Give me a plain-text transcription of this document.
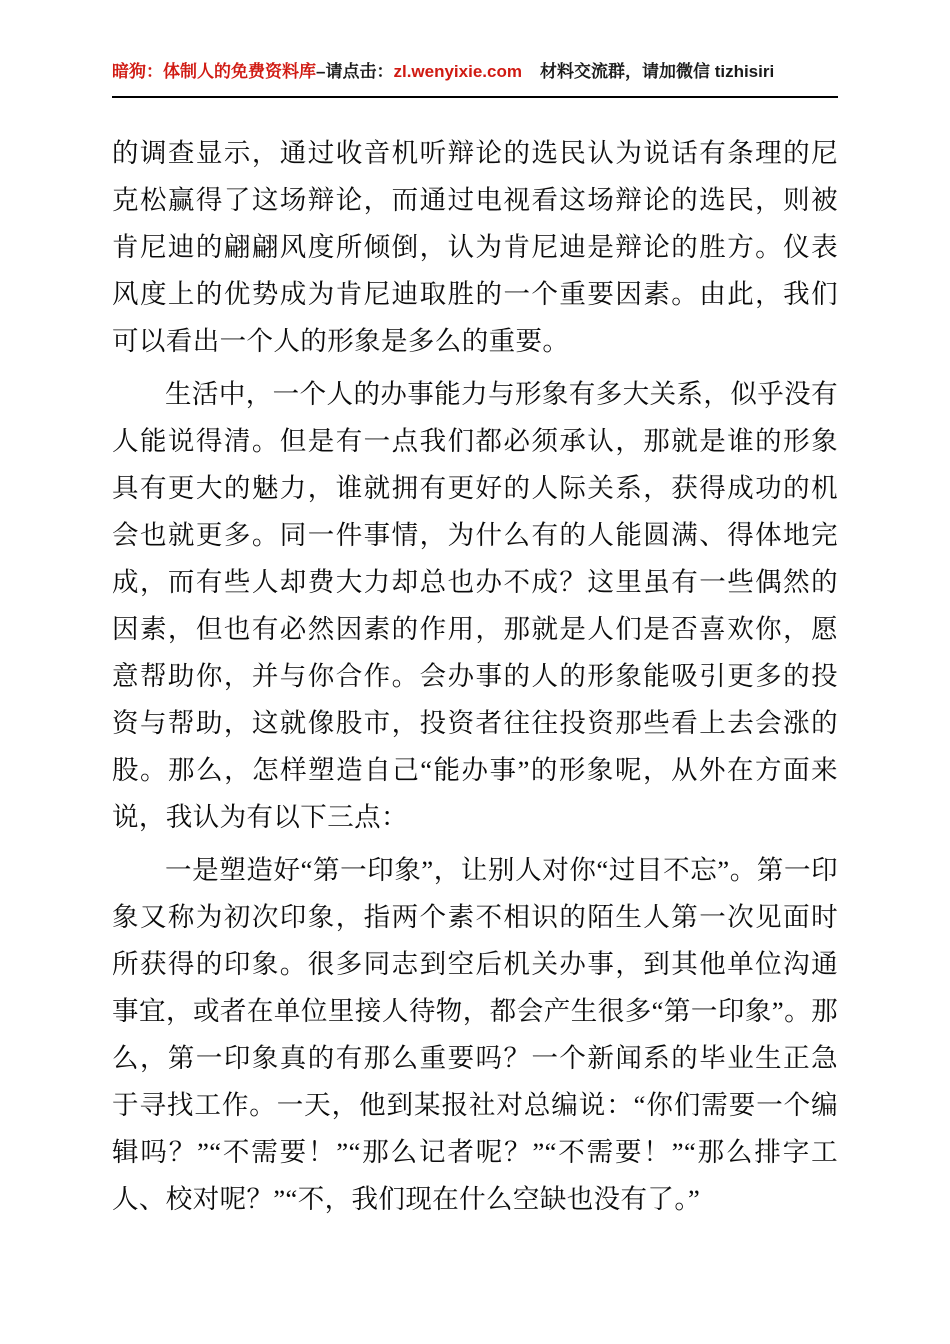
暗狗：体制人的免费资料库 –请点击： zl.wenyixie.com 材料交流群，请加微信 tizhisiri

的调查显示，通过收音机听辩论的选民认为说话有条理的尼克松赢得了这场辩论，而通过电视看这场辩论的选民，则被肯尼迪的翩翩风度所倾倒，认为肯尼迪是辩论的胜方。仪表风度上的优势成为肯尼迪取胜的一个重要因素。由此，我们可以看出一个人的形象是多么的重要。

生活中，一个人的办事能力与形象有多大关系，似乎没有人能说得清。但是有一点我们都必须承认，那就是谁的形象具有更大的魅力，谁就拥有更好的人际关系，获得成功的机会也就更多。同一件事情，为什么有的人能圆满、得体地完成，而有些人却费大力却总也办不成？这里虽有一些偶然的因素，但也有必然因素的作用，那就是人们是否喜欢你，愿意帮助你，并与你合作。会办事的人的形象能吸引更多的投资与帮助，这就像股市，投资者往往投资那些看上去会涨的股。那么，怎样塑造自己“能办事”的形象呢，从外在方面来说，我认为有以下三点：

一是塑造好“第一印象”，让别人对你“过目不忘”。第一印象又称为初次印象，指两个素不相识的陌生人第一次见面时所获得的印象。很多同志到空后机关办事，到其他单位沟通事宜，或者在单位里接人待物，都会产生很多“第一印象”。那么，第一印象真的有那么重要吗？一个新闻系的毕业生正急于寻找工作。一天，他到某报社对总编说：“你们需要一个编辑吗？”“不需要！”“那么记者呢？”“不需要！”“那么排字工人、校对呢？”“不，我们现在什么空缺也没有了。”
